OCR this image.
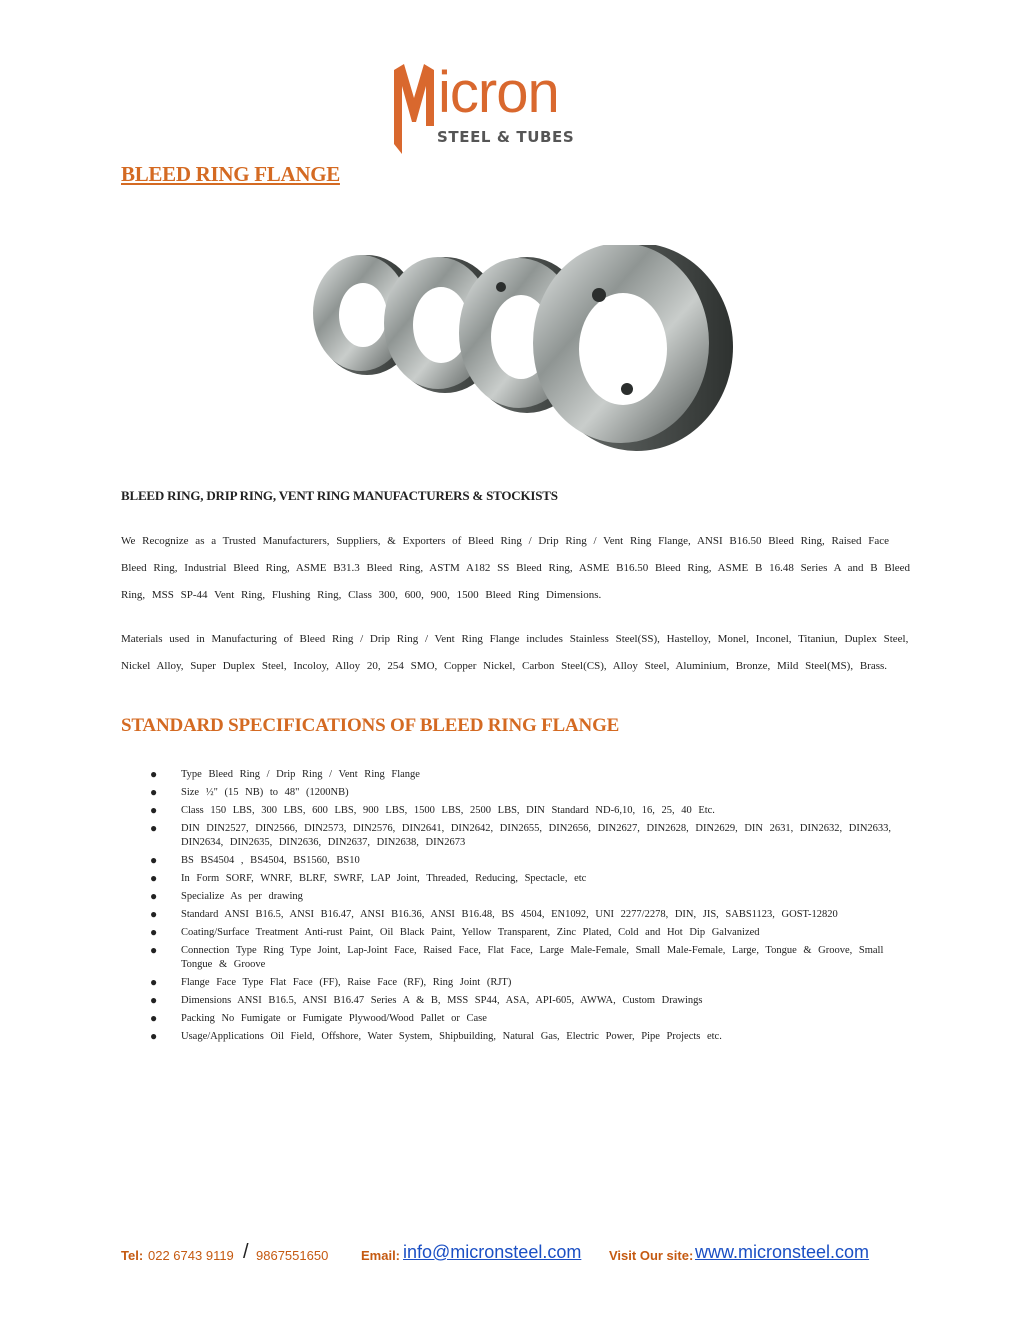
icron
STEEL & TUBES
BLEED RING FLANGE
BLEED RING, DRIP RING, VENT RING MANUFACTURERS & STOCKISTS

We Recognize as a Trusted Manufacturers, Suppliers, & Exporters of Bleed Ring / Drip Ring / Vent Ring Flange, ANSI B16.50 Bleed Ring, Raised Face Bleed Ring, Industrial Bleed Ring, ASME B31.3 Bleed Ring, ASTM A182 SS Bleed Ring, ASME B16.50 Bleed Ring, ASME B 16.48 Series A and B Bleed Ring, MSS SP-44 Vent Ring, Flushing Ring, Class 300, 600, 900, 1500 Bleed Ring Dimensions.

Materials used in Manufacturing of Bleed Ring / Drip Ring / Vent Ring Flange includes Stainless Steel(SS), Hastelloy, Monel, Inconel, Titaniun, Duplex Steel, Nickel Alloy, Super Duplex Steel, Incoloy, Alloy 20, 254 SMO, Copper Nickel, Carbon Steel(CS), Alloy Steel, Aluminium, Bronze, Mild Steel(MS), Brass.

STANDARD SPECIFICATIONS OF BLEED RING FLANGE
● Type Bleed Ring / Drip Ring / Vent Ring Flange
● Size ½" (15 NB) to 48" (1200NB)
● Class 150 LBS, 300 LBS, 600 LBS, 900 LBS, 1500 LBS, 2500 LBS, DIN Standard ND-6,10, 16, 25, 40 Etc.
● DIN DIN2527, DIN2566, DIN2573, DIN2576, DIN2641, DIN2642, DIN2655, DIN2656, DIN2627, DIN2628, DIN2629, DIN 2631, DIN2632, DIN2633, DIN2634, DIN2635, DIN2636, DIN2637, DIN2638, DIN2673
● BS BS4504 , BS4504, BS1560, BS10
● In Form SORF, WNRF, BLRF, SWRF, LAP Joint, Threaded, Reducing, Spectacle, etc
● Specialize As per drawing
● Standard ANSI B16.5, ANSI B16.47, ANSI B16.36, ANSI B16.48, BS 4504, EN1092, UNI 2277/2278, DIN, JIS, SABS1123, GOST-12820
● Coating/Surface Treatment Anti-rust Paint, Oil Black Paint, Yellow Transparent, Zinc Plated, Cold and Hot Dip Galvanized
● Connection Type Ring Type Joint, Lap-Joint Face, Raised Face, Flat Face, Large Male-Female, Small Male-Female, Large, Tongue & Groove, Small Tongue & Groove
● Flange Face Type Flat Face (FF), Raise Face (RF), Ring Joint (RJT)
● Dimensions ANSI B16.5, ANSI B16.47 Series A & B, MSS SP44, ASA, API-605, AWWA, Custom Drawings
● Packing No Fumigate or Fumigate Plywood/Wood Pallet or Case
● Usage/Applications Oil Field, Offshore, Water System, Shipbuilding, Natural Gas, Electric Power, Pipe Projects etc.
Tel: 022 6743 9119 / 9867551650	Email: info@micronsteel.com Visit Our site: www.micronsteel.com
